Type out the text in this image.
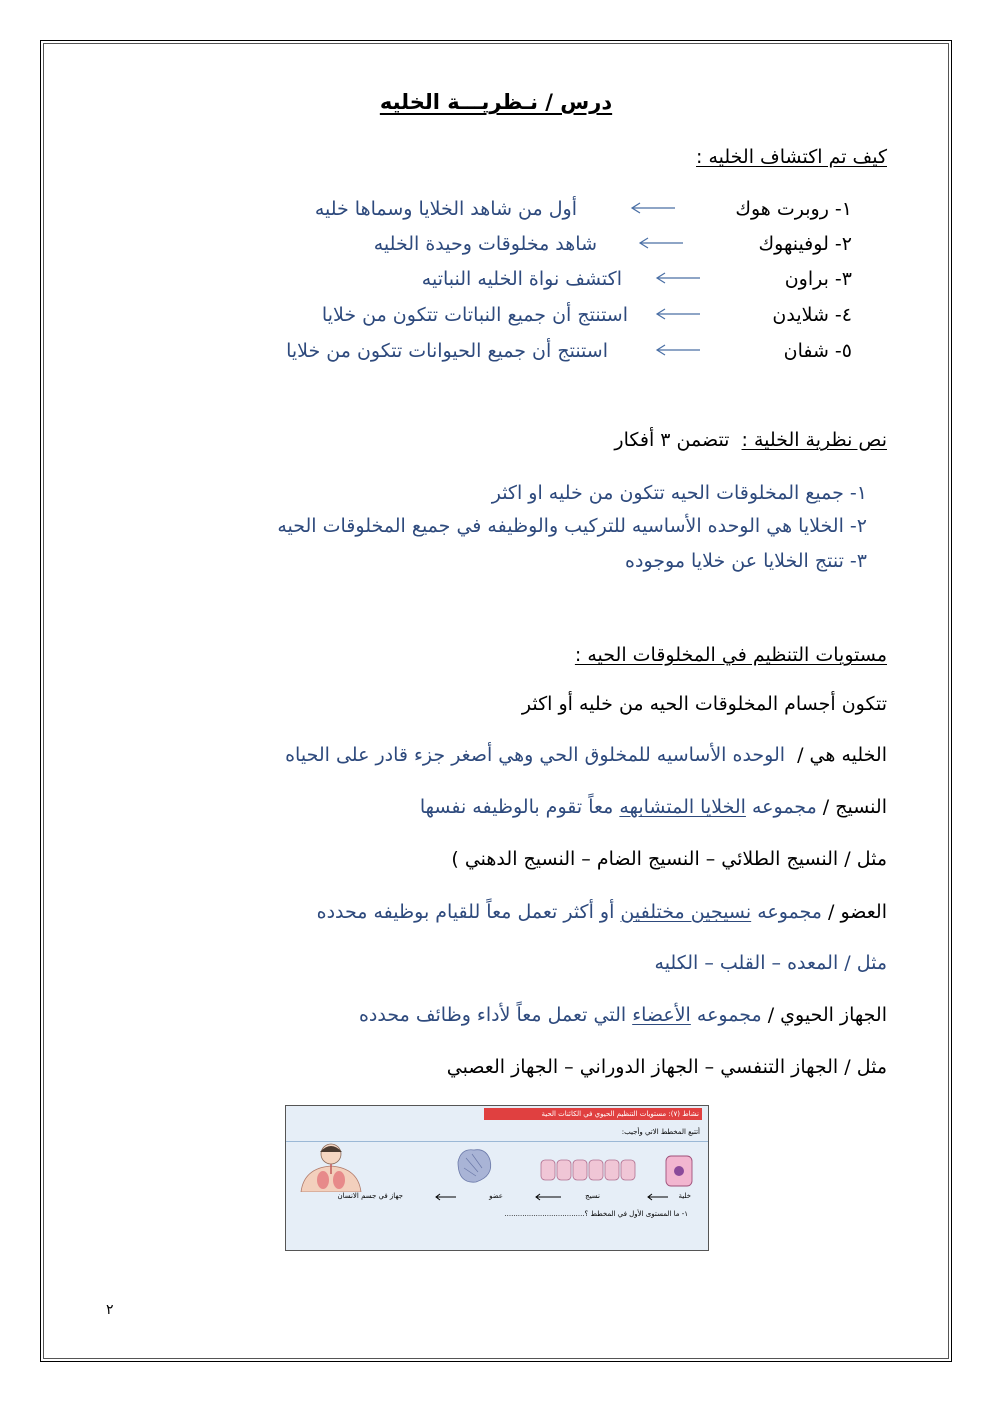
درس / نـظريـــة الخليه
كيف تم اكتشاف الخليه :
١- روبرت هوك
٢- لوفينهوك
٣- براون
٤- شلايدن
٥- شفان
أول من شاهد الخلايا وسماها خليه
شاهد مخلوقات وحيدة الخليه
اكتشف نواة الخليه النباتيه
استنتج أن جميع النباتات تتكون من خلايا
استنتج أن جميع الحيوانات تتكون من خلايا
نص نظرية الخلية : تتضمن ٣ أفكار
١- جميع المخلوقات الحيه تتكون من خليه او اكثر
٢- الخلايا هي الوحده الأساسيه للتركيب والوظيفه في جميع المخلوقات الحيه
٣- تنتج الخلايا عن خلايا موجوده
مستويات التنظيم في المخلوقات الحيه :
تتكون أجسام المخلوقات الحيه من خليه أو اكثر
الخليه هي / الوحده الأساسيه للمخلوق الحي وهي أصغر جزء قادر على الحياه
النسيج / مجموعه الخلايا المتشابهه معاً تقوم بالوظيفه نفسها
مثل / النسيج الطلائي – النسيج الضام – النسيج الدهني )
العضو / مجموعه نسيجين مختلفين أو أكثر تعمل معاً للقيام بوظيفه محدده
مثل / المعده – القلب – الكليه
الجهاز الحيوي / مجموعه الأعضاء التي تعمل معاً لأداء وظائف محدده
مثل / الجهاز التنفسي – الجهاز الدوراني – الجهاز العصبي
نشاط (٧): مستويات التنظيم الحيوي في الكائنات الحية
أتتبع المخطط الاتي وأجيب:
خلية
نسيج
عضو
جهاز في جسم الانسان
١- ما المستوى الأول في المخطط ؟....................................
٢
